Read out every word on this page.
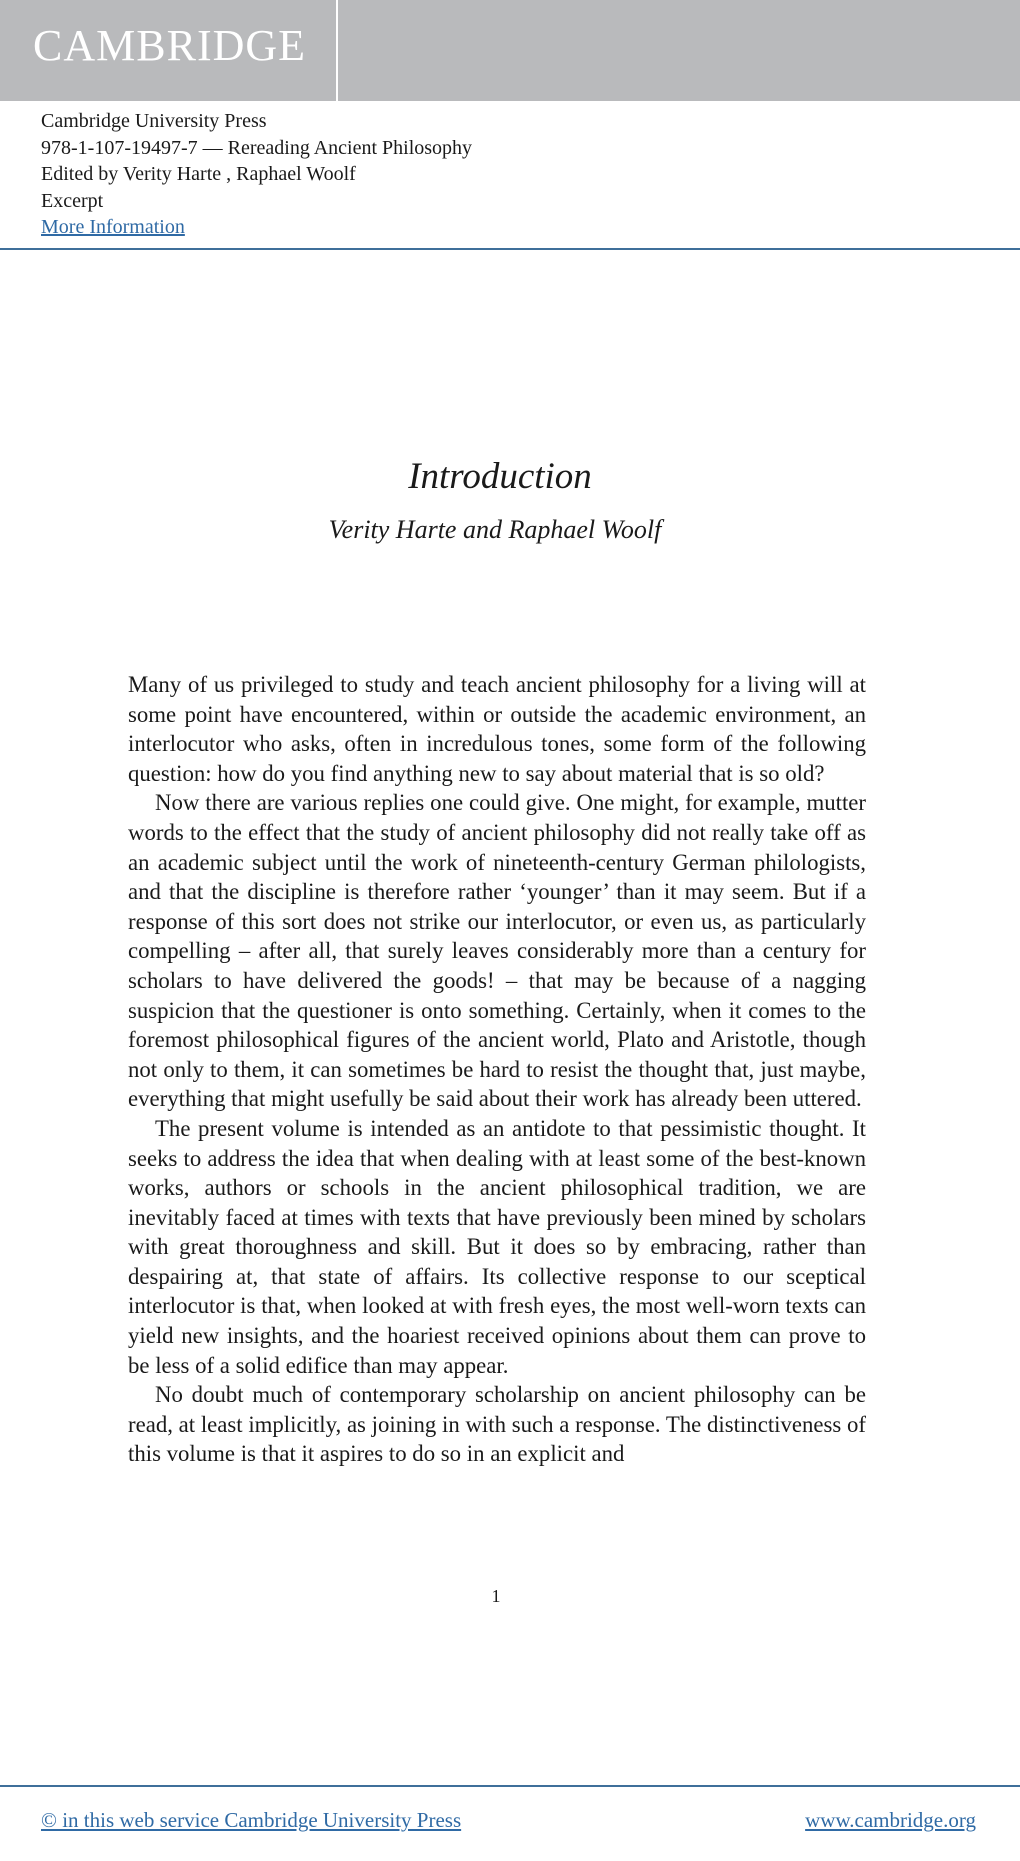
CAMBRIDGE
Cambridge University Press
978-1-107-19497-7 — Rereading Ancient Philosophy
Edited by Verity Harte , Raphael Woolf
Excerpt
More Information
Introduction
Verity Harte and Raphael Woolf

Many of us privileged to study and teach ancient philosophy for a living will at some point have encountered, within or outside the academic environment, an interlocutor who asks, often in incredulous tones, some form of the following question: how do you find anything new to say about material that is so old?

Now there are various replies one could give. One might, for example, mutter words to the effect that the study of ancient philosophy did not really take off as an academic subject until the work of nineteenth-century German philologists, and that the discipline is therefore rather ‘younger’ than it may seem. But if a response of this sort does not strike our interlocutor, or even us, as particularly compelling – after all, that surely leaves considerably more than a century for scholars to have delivered the goods! – that may be because of a nagging suspicion that the questioner is onto something. Certainly, when it comes to the foremost philosophical figures of the ancient world, Plato and Aristotle, though not only to them, it can sometimes be hard to resist the thought that, just maybe, everything that might usefully be said about their work has already been uttered.

The present volume is intended as an antidote to that pessimistic thought. It seeks to address the idea that when dealing with at least some of the best-known works, authors or schools in the ancient philosophical tradition, we are inevitably faced at times with texts that have previously been mined by scholars with great thoroughness and skill. But it does so by embracing, rather than despairing at, that state of affairs. Its collective response to our sceptical interlocutor is that, when looked at with fresh eyes, the most well-worn texts can yield new insights, and the hoariest received opinions about them can prove to be less of a solid edifice than may appear.

No doubt much of contemporary scholarship on ancient philosophy can be read, at least implicitly, as joining in with such a response. The distinctiveness of this volume is that it aspires to do so in an explicit and

1
© in this web service Cambridge University Press	www.cambridge.org
